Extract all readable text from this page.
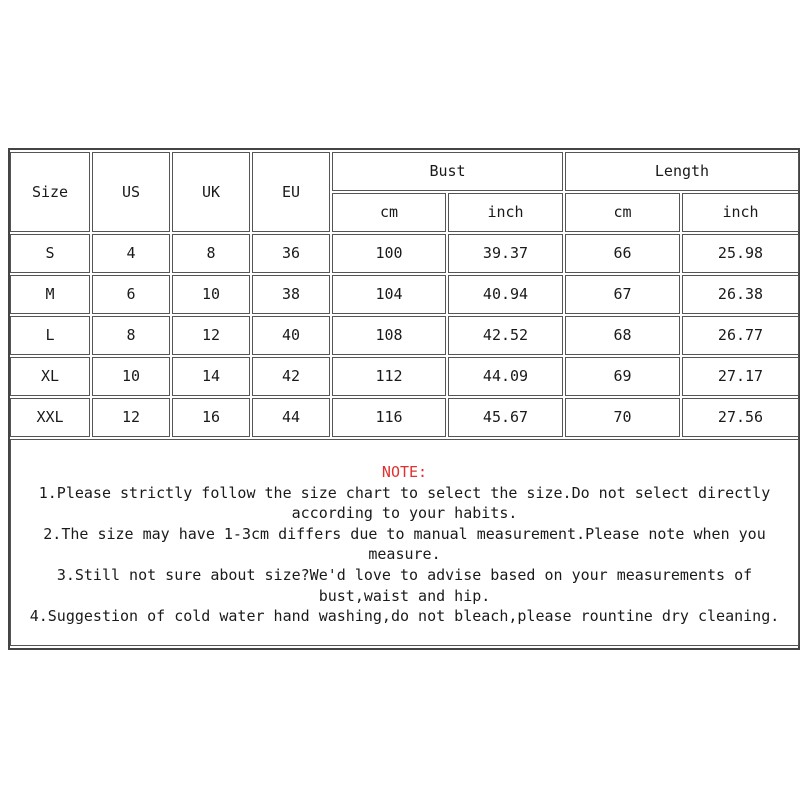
Size	US	UK	EU
Bust	Length
cm	inch	cm	inch
NOTE:
1.Please strictly follow the size chart to select the size.Do not select directly
according to your habits.
2.The size may have 1-3cm differs due to manual measurement.Please note when you
measure.
3.Still not sure about size?We'd love to advise based on your measurements of
bust,waist and hip.
4.Suggestion of cold water hand washing,do not bleach,please rountine dry cleaning.
S	4	8	36	100	39.37	66	25.98
M	6	10	38	104	40.94	67	26.38
L	8	12	40	108	42.52	68	26.77
XL	10	14	42	112	44.09	69	27.17
XXL	12	16	44	116	45.67	70	27.56
